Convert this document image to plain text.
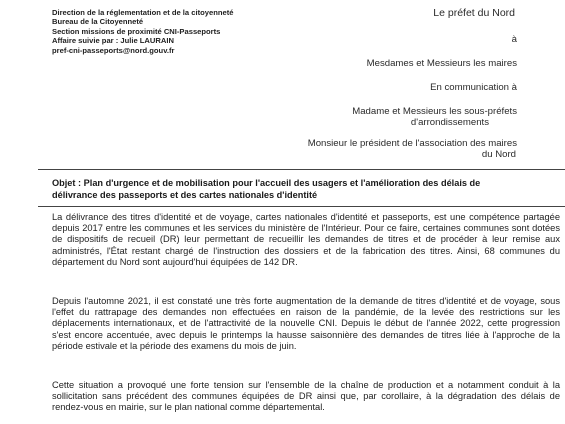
Direction de la réglementation et de la citoyenneté
Bureau de la Citoyenneté
Section missions de proximité CNI-Passeports
Affaire suivie par : Julie LAURAIN
pref-cni-passeports@nord.gouv.fr
Le préfet du Nord
à
Mesdames et Messieurs les maires
En communication à
Madame et Messieurs les sous-préfets
d'arrondissements
Monsieur le président de l'association des maires
du Nord
Objet : Plan d'urgence et de mobilisation pour l'accueil des usagers et l'amélioration des délais de
délivrance des passeports et des cartes nationales d'identité

La délivrance des titres d'identité et de voyage, cartes nationales d'identité et passeports, est une compétence partagée depuis 2017 entre les communes et les services du ministère de l'Intérieur. Pour ce faire, certaines communes sont dotées de dispositifs de recueil (DR) leur permettant de recueillir les demandes de titres et de procéder à leur remise aux administrés, l'État restant chargé de l'instruction des dossiers et de la fabrication des titres. Ainsi, 68 communes du département du Nord sont aujourd'hui équipées de 142 DR.

Depuis l'automne 2021, il est constaté une très forte augmentation de la demande de titres d'identité et de voyage, sous l'effet du rattrapage des demandes non effectuées en raison de la pandémie, de la levée des restrictions sur les déplacements internationaux, et de l'attractivité de la nouvelle CNI. Depuis le début de l'année 2022, cette progression s'est encore accentuée, avec depuis le printemps la hausse saisonnière des demandes de titres liée à l'approche de la période estivale et la période des examens du mois de juin.

Cette situation a provoqué une forte tension sur l'ensemble de la chaîne de production et a notamment conduit à la sollicitation sans précédent des communes équipées de DR ainsi que, par corollaire, à la dégradation des délais de rendez-vous en mairie, sur le plan national comme départemental.
